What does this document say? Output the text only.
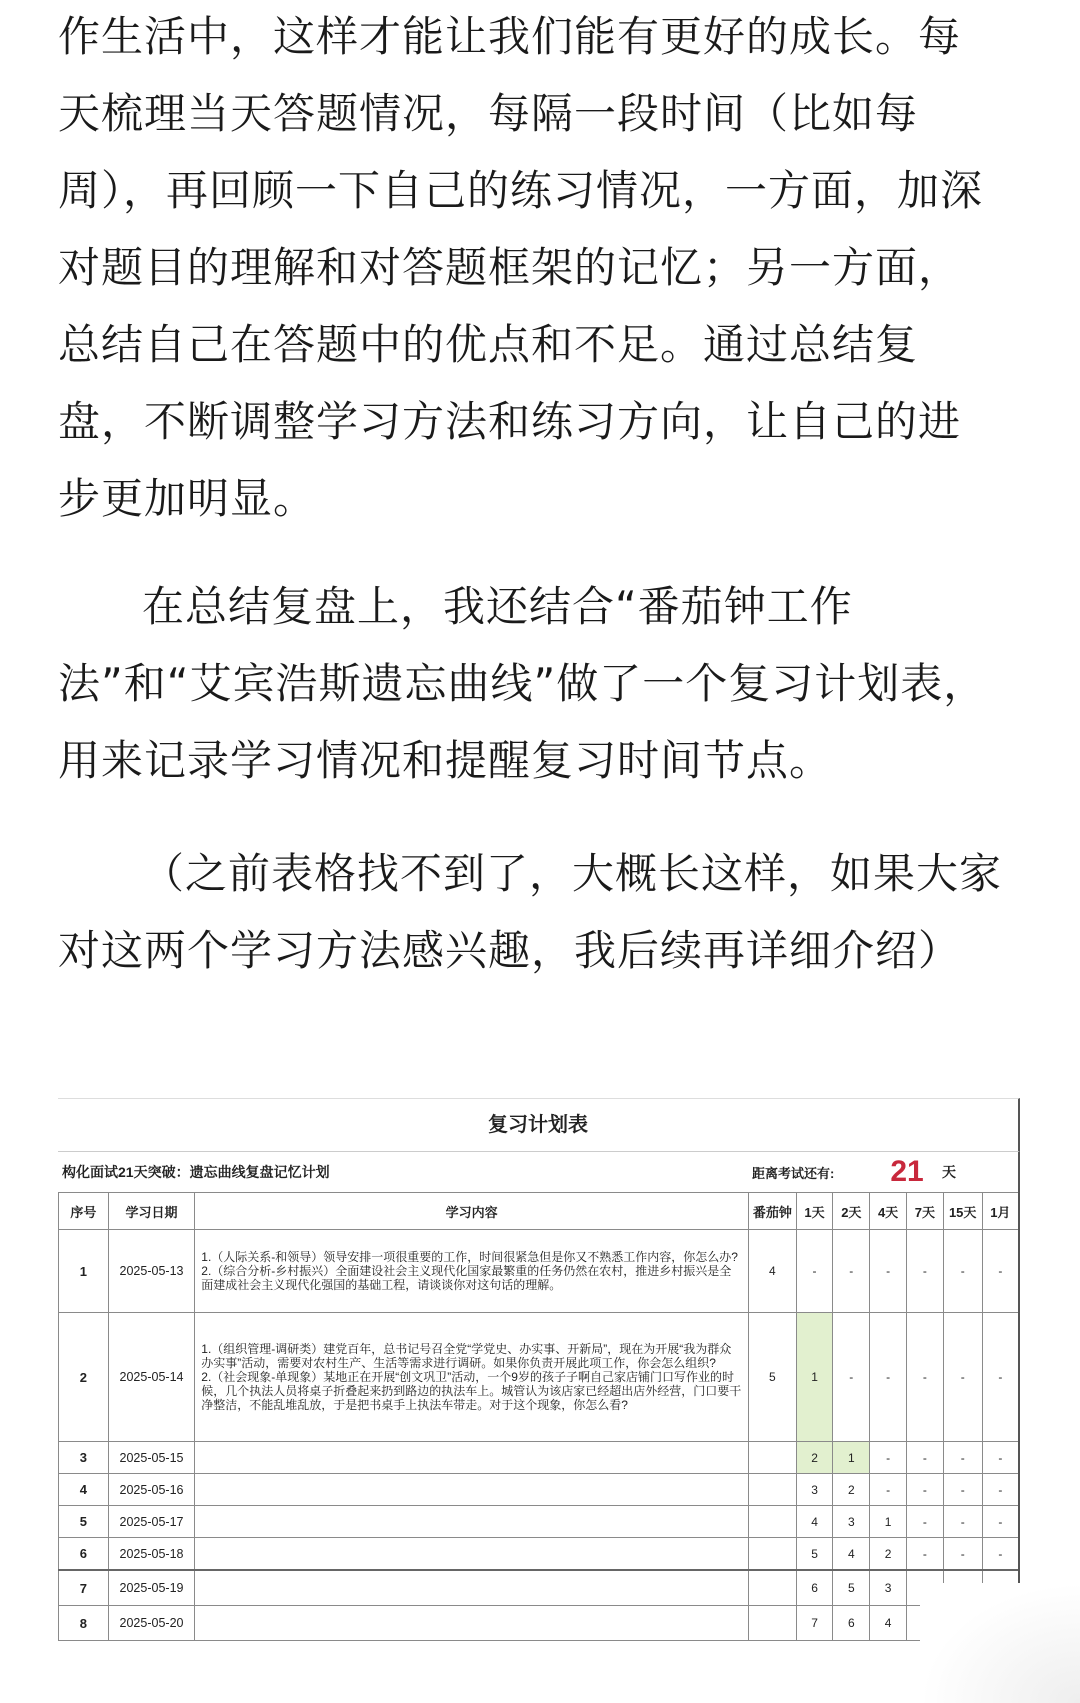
作生活中，这样才能让我们能有更好的成长。每天梳理当天答题情况，每隔一段时间（比如每周），再回顾一下自己的练习情况，一方面，加深对题目的理解和对答题框架的记忆；另一方面，总结自己在答题中的优点和不足。通过总结复盘，不断调整学习方法和练习方向，让自己的进步更加明显。

在总结复盘上，我还结合“番茄钟工作法”和“艾宾浩斯遗忘曲线”做了一个复习计划表，用来记录学习情况和提醒复习时间节点。

（之前表格找不到了，大概长这样，如果大家对这两个学习方法感兴趣，我后续再详细介绍）

复习计划表
构化面试21天突破：遗忘曲线复盘记忆计划	距离考试还有:	21	天
序号	学习日期	学习内容	番茄钟	1天	2天	4天	7天	15天	1月
1	2025-05-13	1.（人际关系-和领导）领导安排一项很重要的工作，时间很紧急但是你又不熟悉工作内容，你怎么办?
2.（综合分析-乡村振兴）全面建设社会主义现代化国家最繁重的任务仍然在农村，推进乡村振兴是全面建成社会主义现代化强国的基础工程，请谈谈你对这句话的理解。	4	-	-	-	-	-	-
2	2025-05-14	1.（组织管理-调研类）建党百年，总书记号召全党“学党史、办实事、开新局”，现在为开展“我为群众办实事”活动，需要对农村生产、生活等需求进行调研。如果你负责开展此项工作，你会怎么组织?
2.（社会现象-单现象）某地正在开展“创文巩卫”活动，一个9岁的孩子子啊自己家店铺门口写作业的时候，几个执法人员将桌子折叠起来扔到路边的执法车上。城管认为该店家已经超出店外经营，门口要干净整洁，不能乱堆乱放，于是把书桌手上执法车带走。对于这个现象，你怎么看?	5	1	-	-	-	-	-
3	2025-05-15			2	1	-	-	-	-
4	2025-05-16			3	2	-	-	-	-
5	2025-05-17			4	3	1	-	-	-
6	2025-05-18			5	4	2	-	-	-
7	2025-05-19			6	5	3			
8	2025-05-20			7	6	4			
